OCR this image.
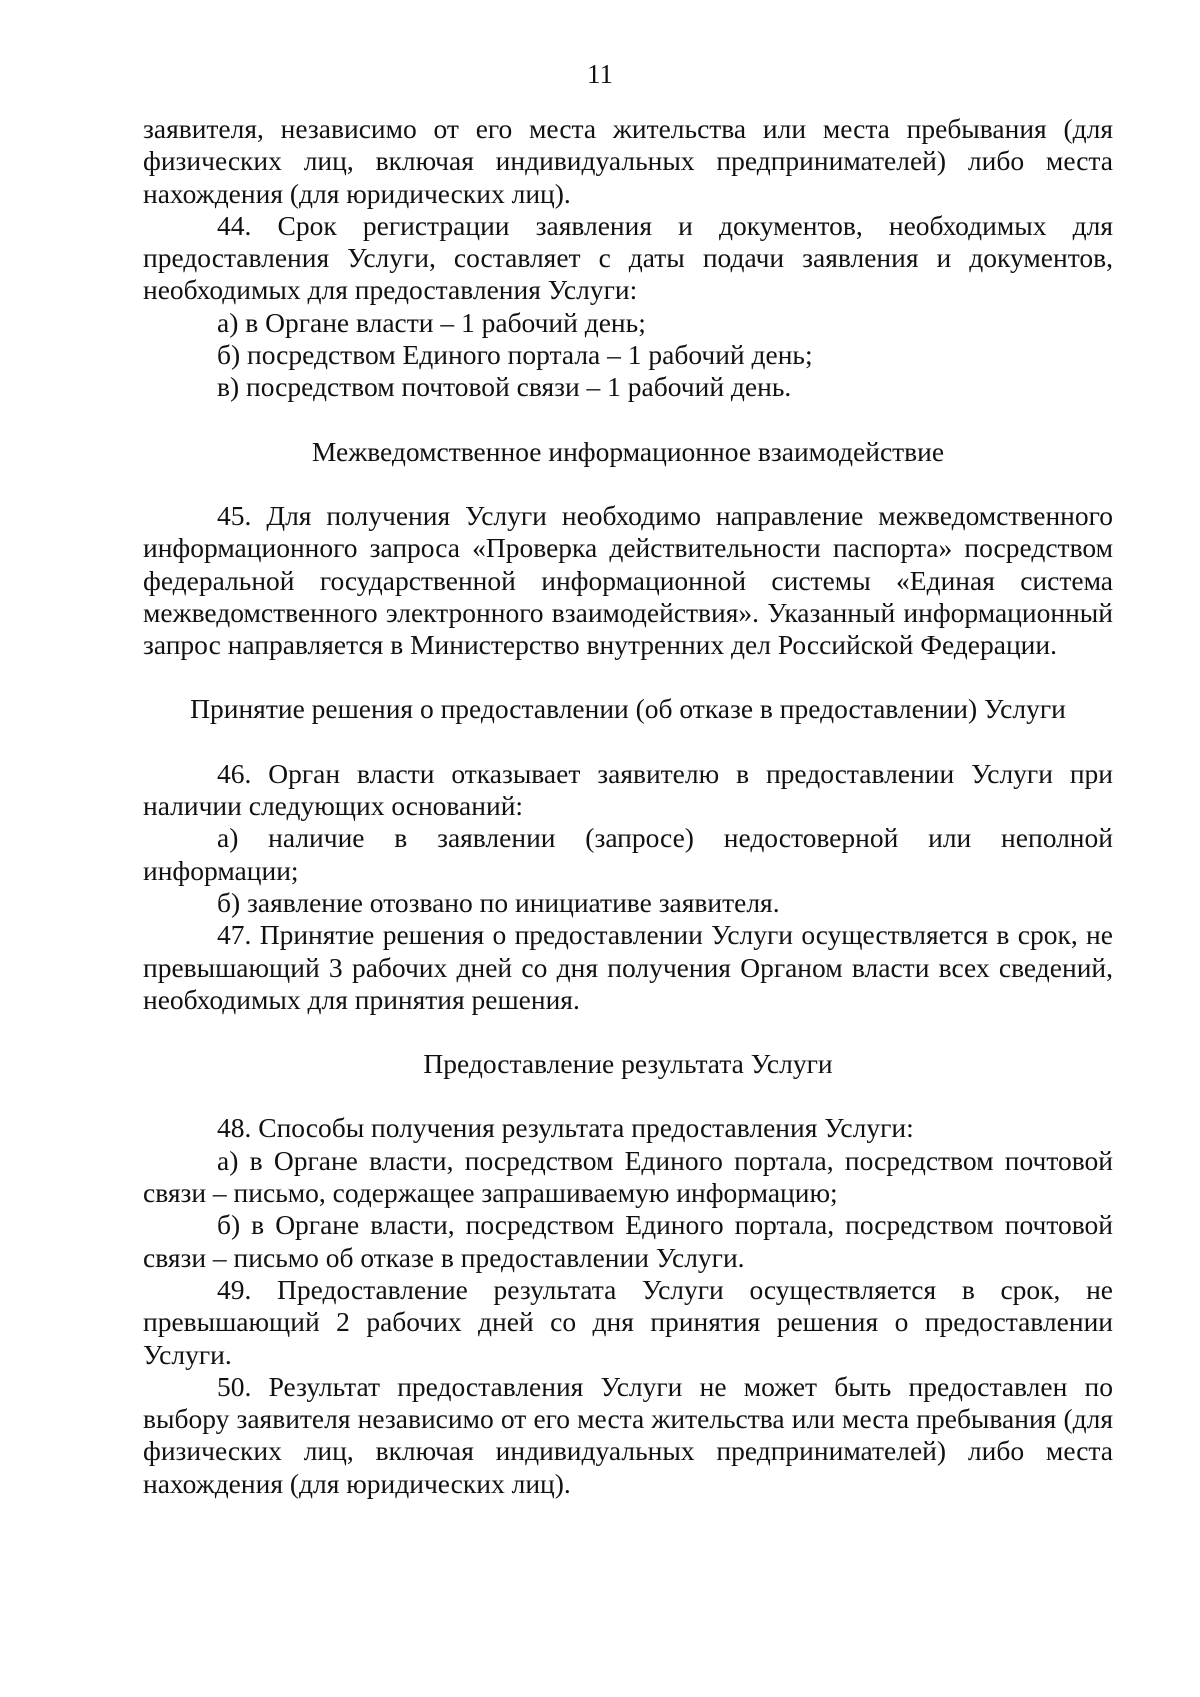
11

заявителя, независимо от его места жительства или места пребывания (для физических лиц, включая индивидуальных предпринимателей) либо места нахождения (для юридических лиц).

44. Срок регистрации заявления и документов, необходимых для предоставления Услуги, составляет с даты подачи заявления и документов, необходимых для предоставления Услуги:

а) в Органе власти – 1 рабочий день;

б) посредством Единого портала – 1 рабочий день;

в) посредством почтовой связи – 1 рабочий день.

Межведомственное информационное взаимодействие

45. Для получения Услуги необходимо направление межведомственного информационного запроса «Проверка действительности паспорта» посредством федеральной государственной информационной системы «Единая система межведомственного электронного взаимодействия». Указанный информационный запрос направляется в Министерство внутренних дел Российской Федерации.

Принятие решения о предоставлении (об отказе в предоставлении) Услуги

46. Орган власти отказывает заявителю в предоставлении Услуги при наличии следующих оснований:

а) наличие в заявлении (запросе) недостоверной или неполной информации;

б) заявление отозвано по инициативе заявителя.

47. Принятие решения о предоставлении Услуги осуществляется в срок, не превышающий 3 рабочих дней со дня получения Органом власти всех сведений, необходимых для принятия решения.

Предоставление результата Услуги

48. Способы получения результата предоставления Услуги:

а) в Органе власти, посредством Единого портала, посредством почтовой связи – письмо, содержащее запрашиваемую информацию;

б) в Органе власти, посредством Единого портала, посредством почтовой связи – письмо об отказе в предоставлении Услуги.

49. Предоставление результата Услуги осуществляется в срок, не превышающий 2 рабочих дней со дня принятия решения о предоставлении Услуги.

50. Результат предоставления Услуги не может быть предоставлен по выбору заявителя независимо от его места жительства или места пребывания (для физических лиц, включая индивидуальных предпринимателей) либо места нахождения (для юридических лиц).
